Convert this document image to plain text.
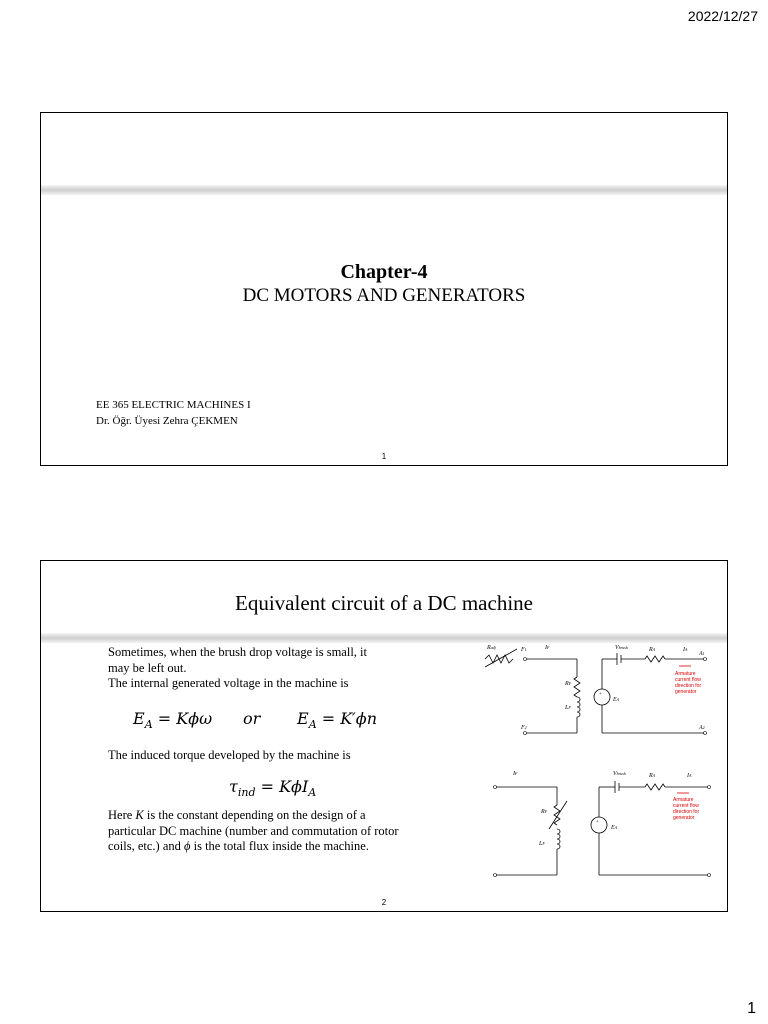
2022/12/27
Chapter-4
DC MOTORS AND GENERATORS
EE 365 ELECTRIC MACHINES I
Dr. Öğr. Üyesi Zehra ÇEKMEN
1
Equivalent circuit of a DC machine
Sometimes, when the brush drop voltage is small, it
may be left out.
The internal generated voltage in the machine is
$E_A = K\phi\omega$ or $E_A = K'\phi n$
The induced torque developed by the machine is
$\tau_{ind} = K\phi I_A$
Here K is the constant depending on the design of a
particular DC machine (number and commutation of rotor
coils, etc.) and ϕ is the total flux inside the machine.
Radj	F1	IF
RF
LF
F2
Vbrush	RA	IA
A1
A2
EA
+
Armature
current flow
direction for
generator
IF
RF
LF
Vbrush	RA	IA
EA
+
Armature
current flow
direction for
generator
2
1
